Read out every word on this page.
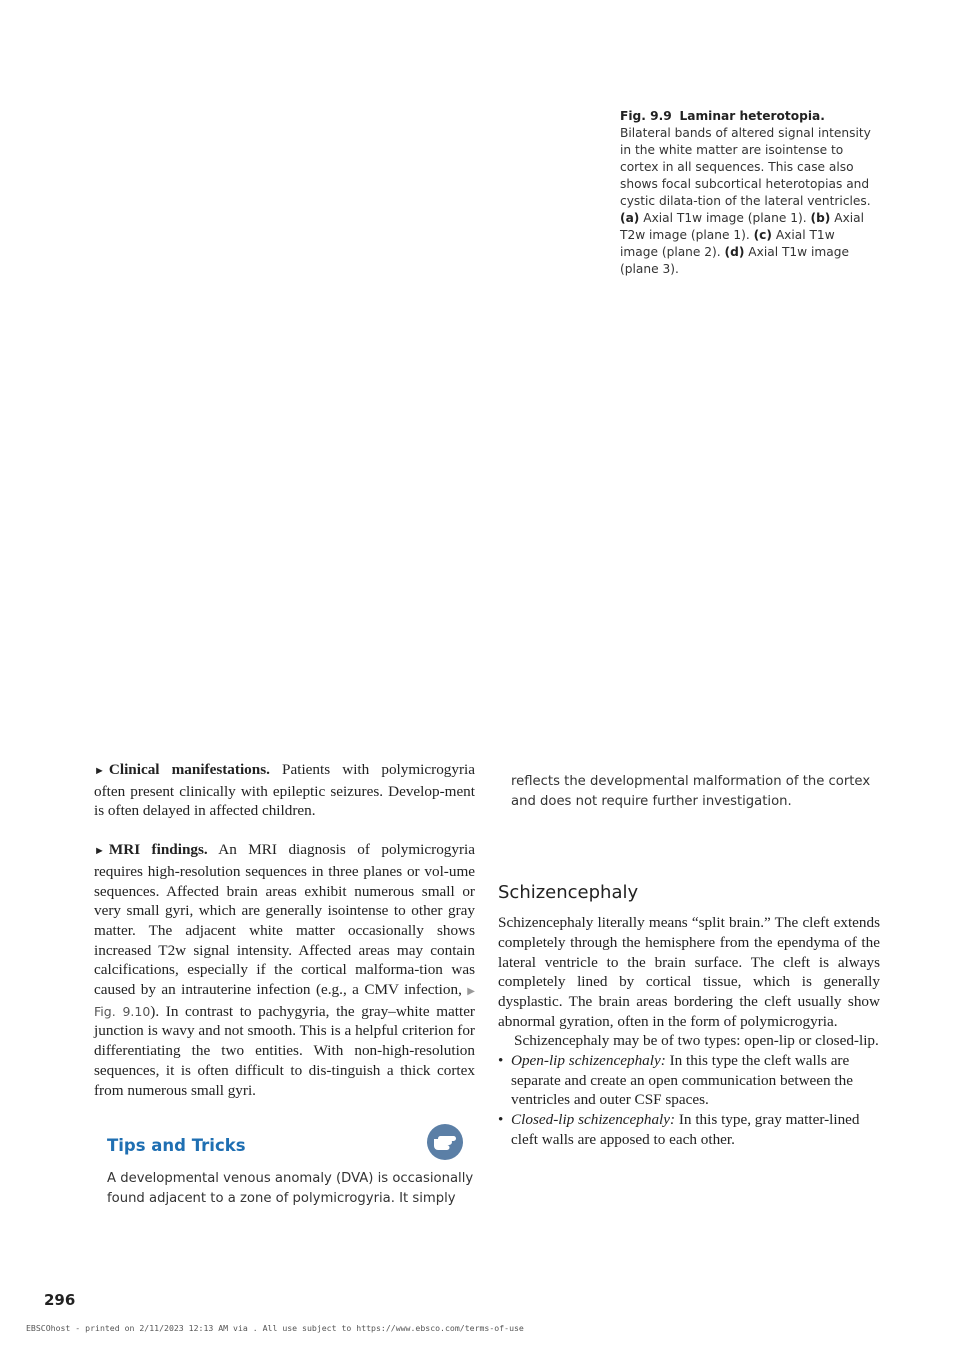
Fig. 9.9 Laminar heterotopia. Bilateral bands of altered signal intensity in the white matter are isointense to cortex in all sequences. This case also shows focal subcortical heterotopias and cystic dilata-tion of the lateral ventricles. (a) Axial T1w image (plane 1). (b) Axial T2w image (plane 1). (c) Axial T1w image (plane 2). (d) Axial T1w image (plane 3).

► Clinical manifestations. Patients with polymicrogyria often present clinically with epileptic seizures. Develop-ment is often delayed in affected children.

► MRI findings. An MRI diagnosis of polymicrogyria requires high-resolution sequences in three planes or vol-ume sequences. Affected brain areas exhibit numerous small or very small gyri, which are generally isointense to other gray matter. The adjacent white matter occasionally shows increased T2w signal intensity. Affected areas may contain calcifications, especially if the cortical malforma-tion was caused by an intrauterine infection (e.g., a CMV infection, ▶ Fig. 9.10). In contrast to pachygyria, the gray–white matter junction is wavy and not smooth. This is a helpful criterion for differentiating the two entities. With non-high-resolution sequences, it is often difficult to dis-tinguish a thick cortex from numerous small gyri.

Tips and Tricks
A developmental venous anomaly (DVA) is occasionally found adjacent to a zone of polymicrogyria. It simply
reflects the developmental malformation of the cortex and does not require further investigation.
Schizencephaly

Schizencephaly literally means “split brain.” The cleft extends completely through the hemisphere from the ependyma of the lateral ventricle to the brain surface. The cleft is always completely lined by cortical tissue, which is generally dysplastic. The brain areas bordering the cleft usually show abnormal gyration, often in the form of polymicrogyria.

Schizencephaly may be of two types: open-lip or closed-lip.

• Open-lip schizencephaly: In this type the cleft walls are separate and create an open communication between the ventricles and outer CSF spaces.
• Closed-lip schizencephaly: In this type, gray matter-lined cleft walls are apposed to each other.
296
EBSCOhost - printed on 2/11/2023 12:13 AM via . All use subject to https://www.ebsco.com/terms-of-use
